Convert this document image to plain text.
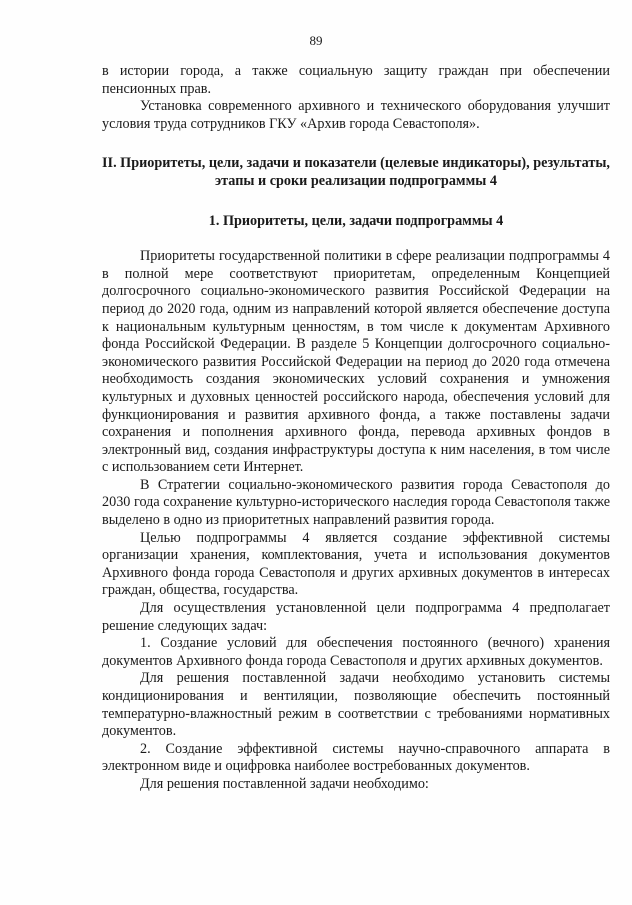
89

в истории города, а также социальную защиту граждан при обеспечении пенсионных прав.

Установка современного архивного и технического оборудования улучшит условия труда сотрудников ГКУ «Архив города Севастополя».

II. Приоритеты, цели, задачи и показатели (целевые индикаторы), результаты, этапы и сроки реализации подпрограммы 4

1. Приоритеты, цели, задачи подпрограммы 4

Приоритеты государственной политики в сфере реализации подпрограммы 4 в полной мере соответствуют приоритетам, определенным Концепцией долгосрочного социально-экономического развития Российской Федерации на период до 2020 года, одним из направлений которой является обеспечение доступа к национальным культурным ценностям, в том числе к документам Архивного фонда Российской Федерации. В разделе 5 Концепции долгосрочного социально-экономического развития Российской Федерации на период до 2020 года отмечена необходимость создания экономических условий сохранения и умножения культурных и духовных ценностей российского народа, обеспечения условий для функционирования и развития архивного фонда, а также поставлены задачи сохранения и пополнения архивного фонда, перевода архивных фондов в электронный вид, создания инфраструктуры доступа к ним населения, в том числе с использованием сети Интернет.

В Стратегии социально-экономического развития города Севастополя до 2030 года сохранение культурно-исторического наследия города Севастополя также выделено в одно из приоритетных направлений развития города.

Целью подпрограммы 4 является создание эффективной системы организации хранения, комплектования, учета и использования документов Архивного фонда города Севастополя и других архивных документов в интересах граждан, общества, государства.

Для осуществления установленной цели подпрограмма 4 предполагает решение следующих задач:

1. Создание условий для обеспечения постоянного (вечного) хранения документов Архивного фонда города Севастополя и других архивных документов.

Для решения поставленной задачи необходимо установить системы кондиционирования и вентиляции, позволяющие обеспечить постоянный температурно-влажностный режим в соответствии с требованиями нормативных документов.

2. Создание эффективной системы научно-справочного аппарата в электронном виде и оцифровка наиболее востребованных документов.

Для решения поставленной задачи необходимо:
